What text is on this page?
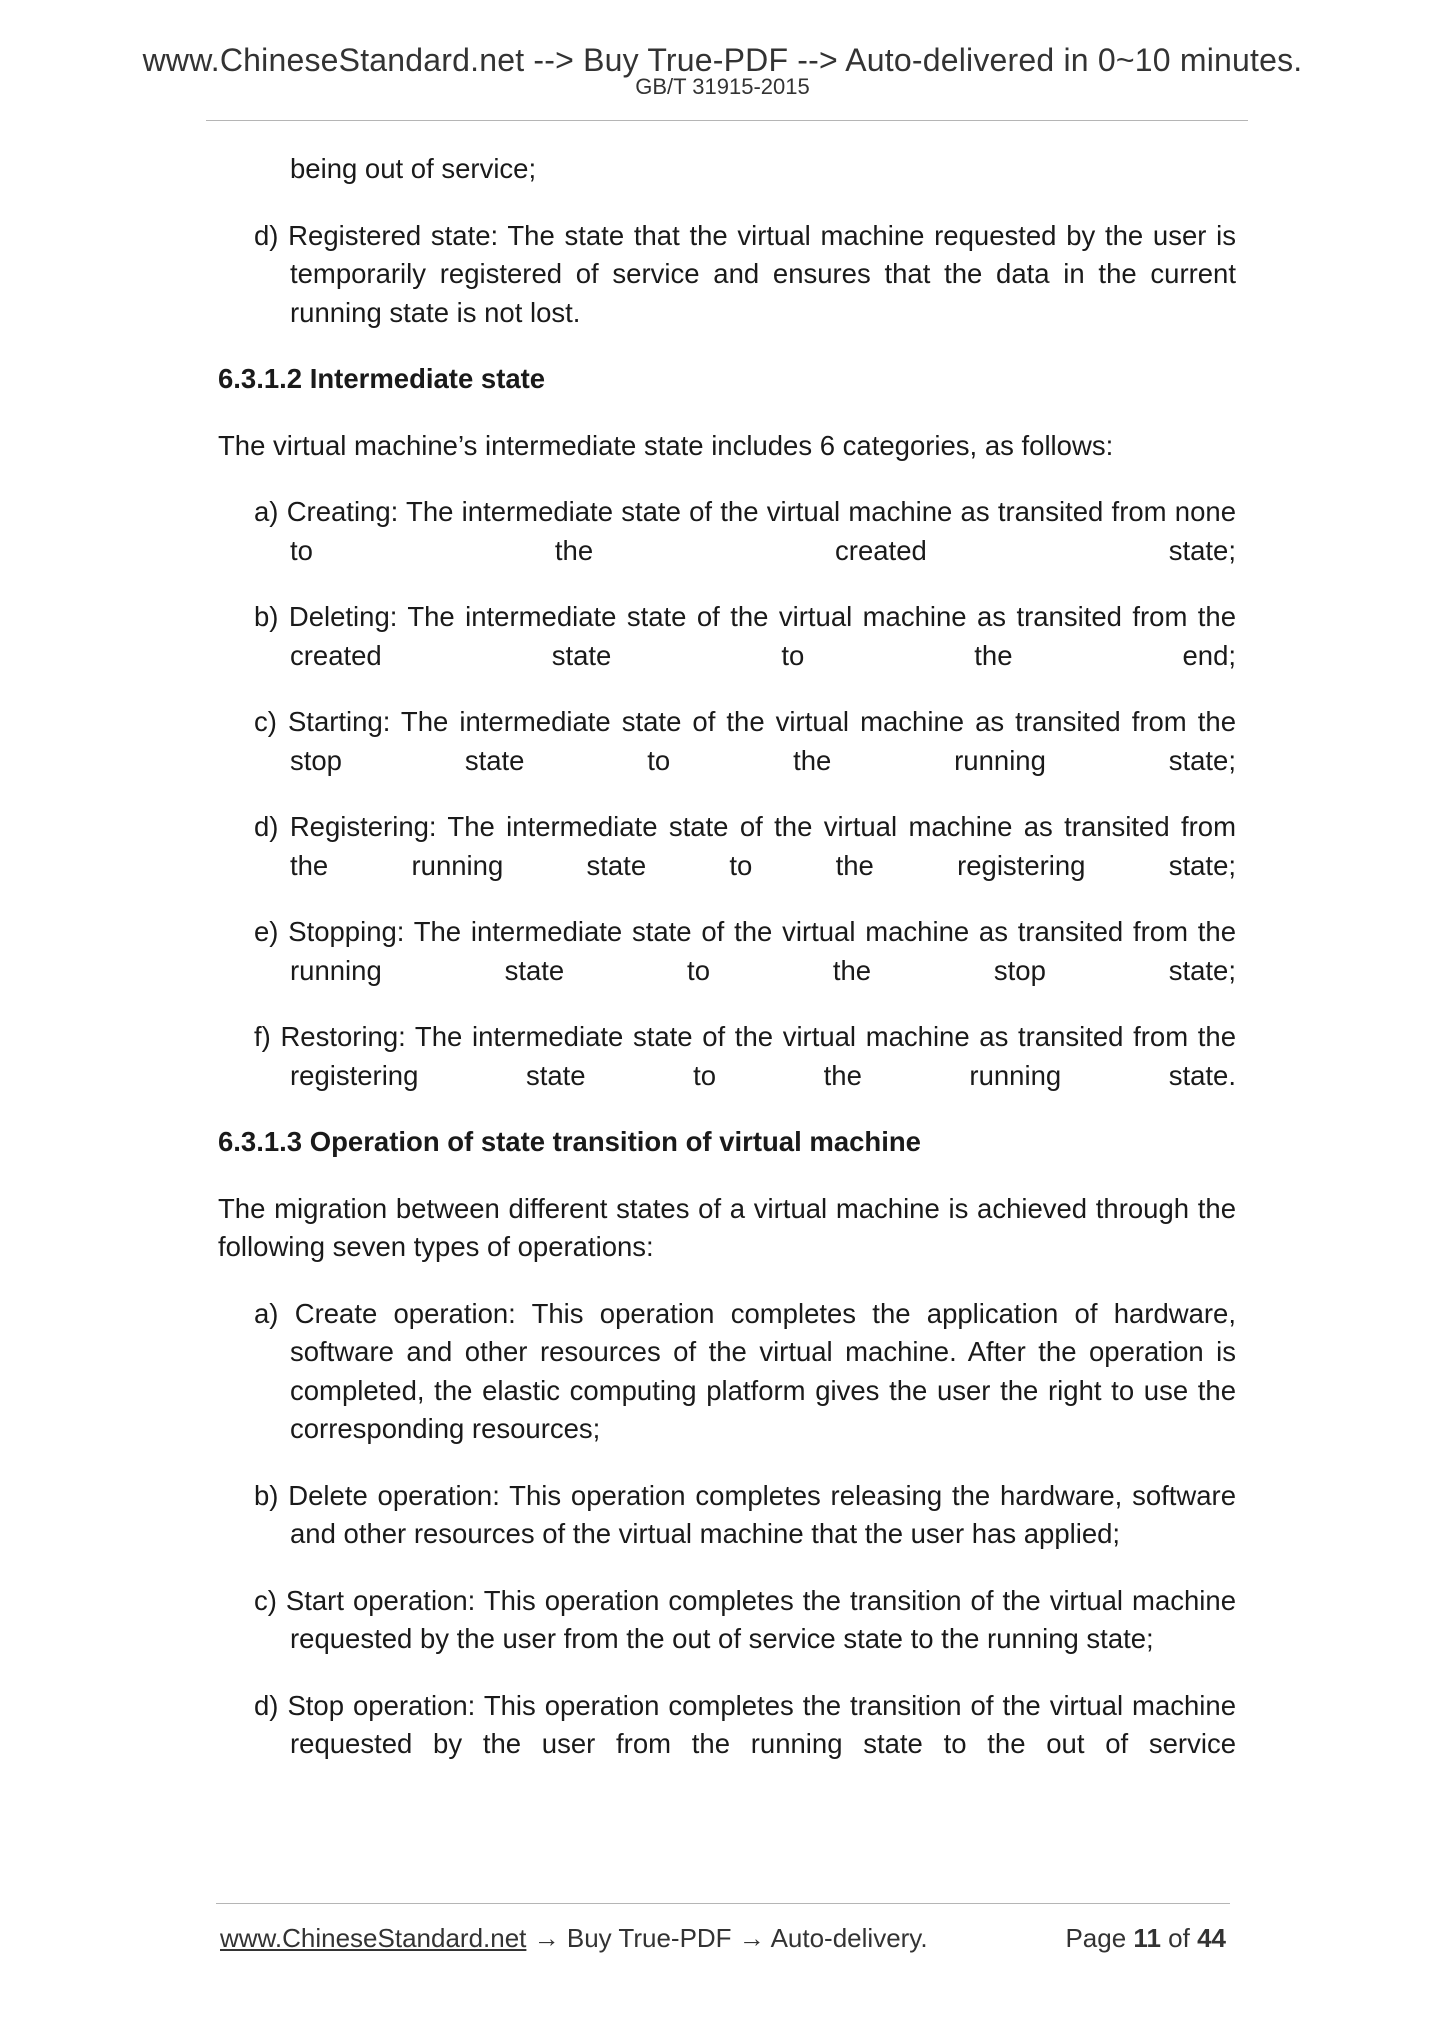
www.ChineseStandard.net --> Buy True-PDF --> Auto-delivered in 0~10 minutes.
GB/T 31915-2015

being out of service;

d) Registered state: The state that the virtual machine requested by the user is temporarily registered of service and ensures that the data in the current running state is not lost.

6.3.1.2 Intermediate state

The virtual machine’s intermediate state includes 6 categories, as follows:

a) Creating: The intermediate state of the virtual machine as transited from none to the created state;

b) Deleting: The intermediate state of the virtual machine as transited from the created state to the end;

c) Starting: The intermediate state of the virtual machine as transited from the stop state to the running state;

d) Registering: The intermediate state of the virtual machine as transited from the running state to the registering state;

e) Stopping: The intermediate state of the virtual machine as transited from the running state to the stop state;

f) Restoring: The intermediate state of the virtual machine as transited from the registering state to the running state.

6.3.1.3 Operation of state transition of virtual machine

The migration between different states of a virtual machine is achieved through the following seven types of operations:

a) Create operation: This operation completes the application of hardware, software and other resources of the virtual machine. After the operation is completed, the elastic computing platform gives the user the right to use the corresponding resources;

b) Delete operation: This operation completes releasing the hardware, software and other resources of the virtual machine that the user has applied;

c) Start operation: This operation completes the transition of the virtual machine requested by the user from the out of service state to the running state;

d) Stop operation: This operation completes the transition of the virtual machine requested by the user from the running state to the out of service

www.ChineseStandard.net → Buy True-PDF → Auto-delivery.	Page 11 of 44
